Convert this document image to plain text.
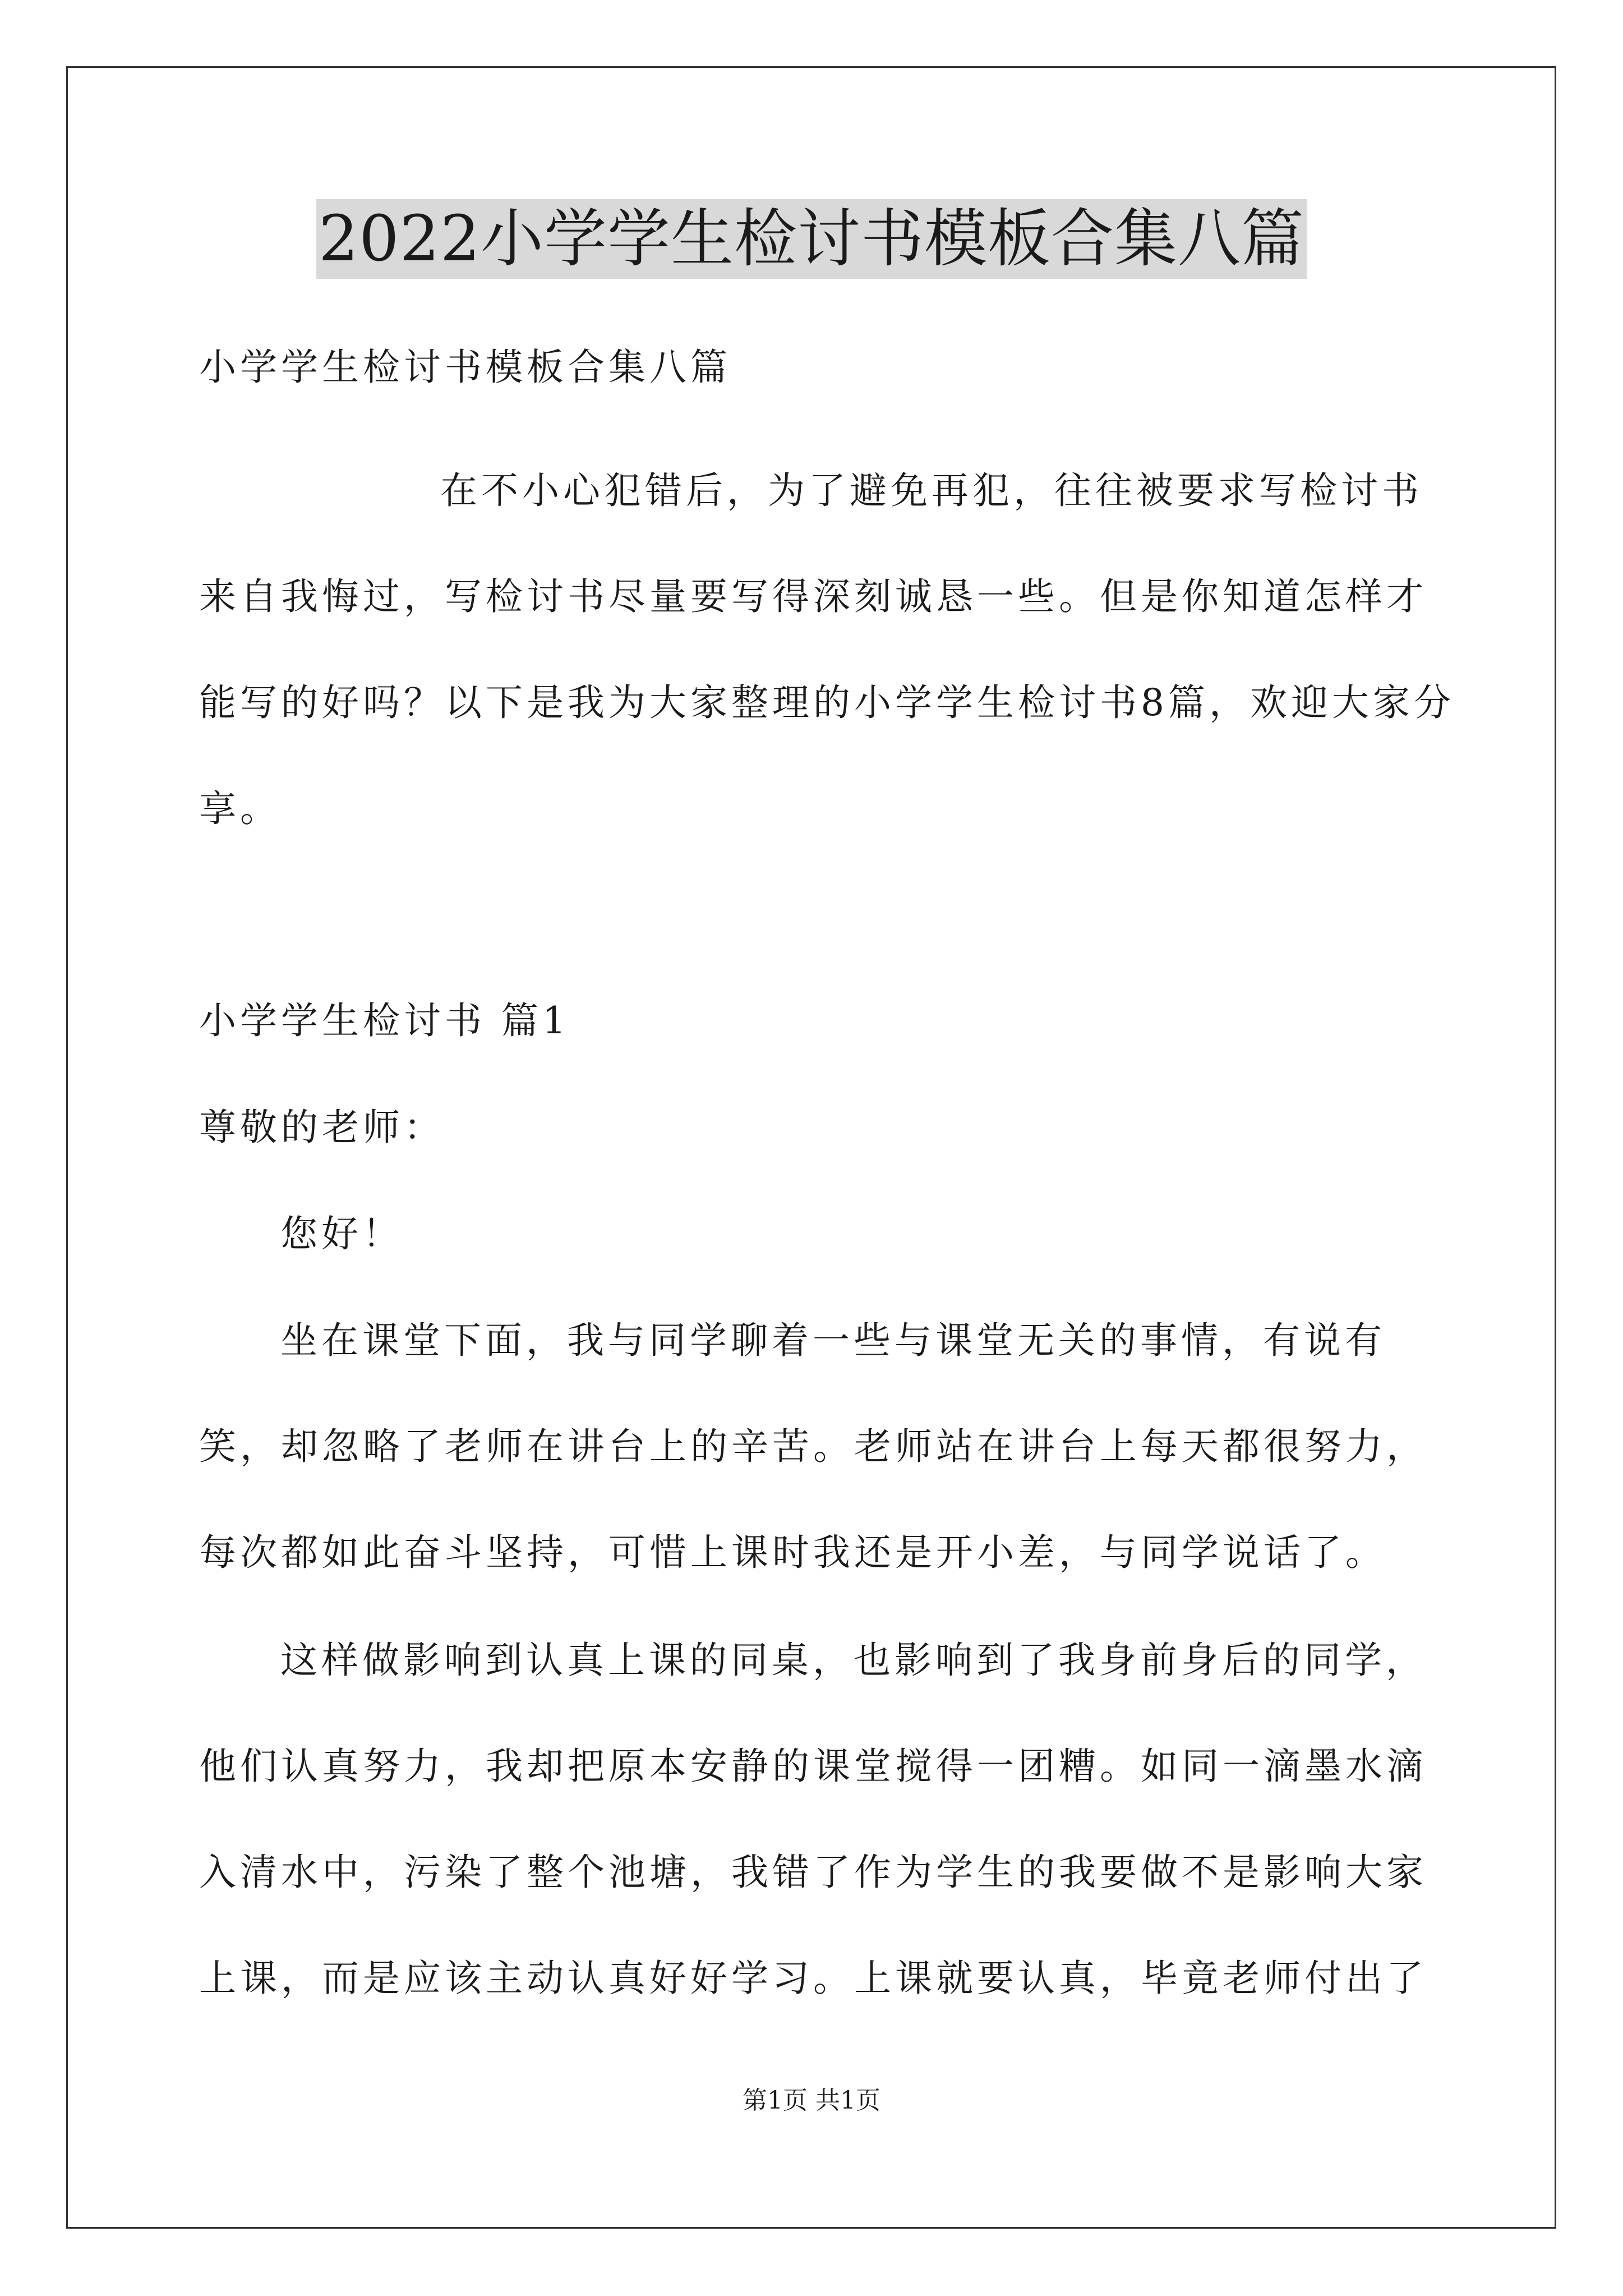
2022小学学生检讨书模板合集八篇

小学学生检讨书模板合集八篇

在不小心犯错后，为了避免再犯，往往被要求写检讨书来自我悔过，写检讨书尽量要写得深刻诚恳一些。但是你知道怎样才能写的好吗？以下是我为大家整理的小学学生检讨书8篇，欢迎大家分享。

小学学生检讨书 篇1

尊敬的老师：

您好！

坐在课堂下面，我与同学聊着一些与课堂无关的事情，有说有笑，却忽略了老师在讲台上的辛苦。老师站在讲台上每天都很努力，每次都如此奋斗坚持，可惜上课时我还是开小差，与同学说话了。

这样做影响到认真上课的同桌，也影响到了我身前身后的同学，他们认真努力，我却把原本安静的课堂搅得一团糟。如同一滴墨水滴入清水中，污染了整个池塘，我错了作为学生的我要做不是影响大家上课，而是应该主动认真好好学习。上课就要认真，毕竟老师付出了

第1页 共1页
